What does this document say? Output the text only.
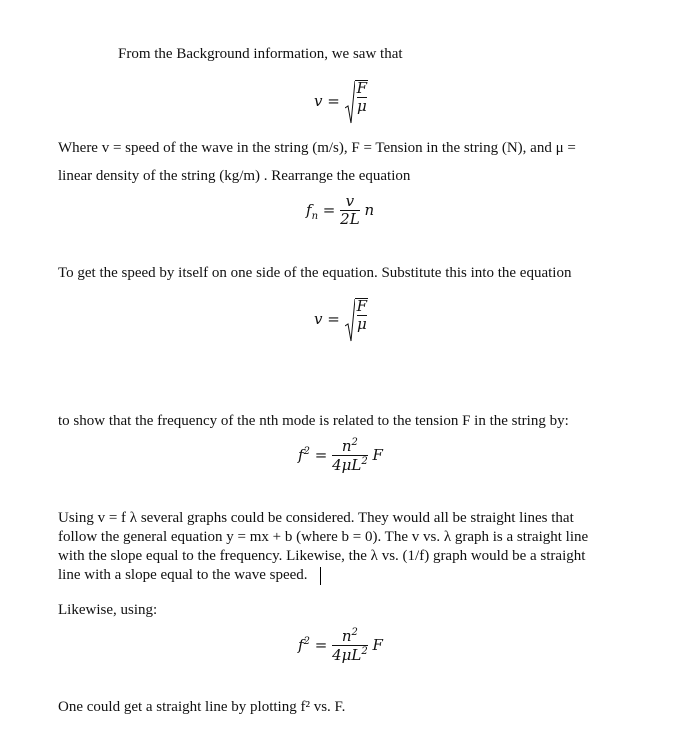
From the Background information, we saw that
$v = \frac{F}{\mu}$
Where v = speed of the wave in the string (m/s), F = Tension in the string (N), and μ =
linear density of the string (kg/m) . Rearrange the equation
$f_n = \frac{v}{2L}$ n
To get the speed by itself on one side of the equation. Substitute this into the equation
$v = \frac{F}{\mu}$
to show that the frequency of the nth mode is related to the tension F in the string by:
$f^2 = \frac{n^2}{4\mu L^2}$ F
Using v = f λ several graphs could be considered. They would all be straight lines that
follow the general equation y = mx + b (where b = 0). The v vs. λ graph is a straight line
with the slope equal to the frequency. Likewise, the λ vs. (1/f) graph would be a straight
line with a slope equal to the wave speed.
Likewise, using:
$f^2 = \frac{n^2}{4\mu L^2}$ F
One could get a straight line by plotting f² vs. F.
